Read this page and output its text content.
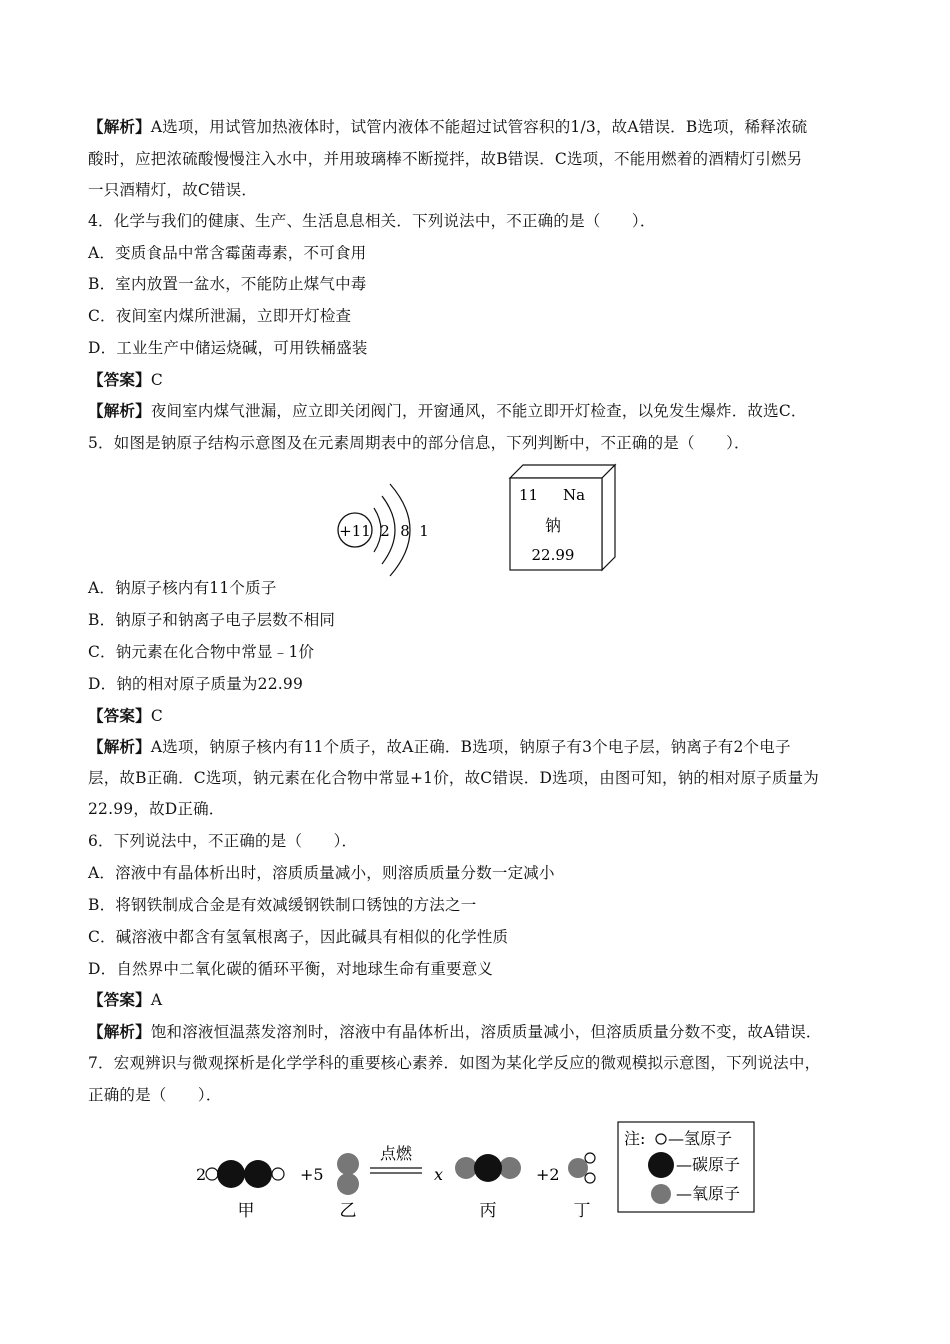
【解析】A选项，用试管加热液体时，试管内液体不能超过试管容积的1/3，故A错误．B选项，稀释浓硫
酸时，应把浓硫酸慢慢注入水中，并用玻璃棒不断搅拌，故B错误．C选项，不能用燃着的酒精灯引燃另
一只酒精灯，故C错误．
4．化学与我们的健康、生产、生活息息相关．下列说法中，不正确的是（　　）．
A．变质食品中常含霉菌毒素，不可食用
B．室内放置一盆水，不能防止煤气中毒
C．夜间室内煤所泄漏，立即开灯检查
D．工业生产中储运烧碱，可用铁桶盛装
【答案】C
【解析】夜间室内煤气泄漏，应立即关闭阀门，开窗通风，不能立即开灯检查，以免发生爆炸．故选C．
5．如图是钠原子结构示意图及在元素周期表中的部分信息，下列判断中，不正确的是（　　）．
+11 2 8 1
11 Na
钠
22.99
A．钠原子核内有11个质子
B．钠原子和钠离子电子层数不相同
C．钠元素在化合物中常显﹣1价
D．钠的相对原子质量为22.99
【答案】C
【解析】A选项，钠原子核内有11个质子，故A正确．B选项，钠原子有3个电子层，钠离子有2个电子
层，故B正确．C选项，钠元素在化合物中常显+1价，故C错误．D选项，由图可知，钠的相对原子质量为
22.99，故D正确．
6．下列说法中，不正确的是（　　）．
A．溶液中有晶体析出时，溶质质量减小，则溶质质量分数一定减小
B．将钢铁制成合金是有效减缓钢铁制口锈蚀的方法之一
C．碱溶液中都含有氢氧根离子，因此碱具有相似的化学性质
D．自然界中二氧化碳的循环平衡，对地球生命有重要意义
【答案】A
【解析】饱和溶液恒温蒸发溶剂时，溶液中有晶体析出，溶质质量减小，但溶质质量分数不变，故A错误．
7．宏观辨识与微观探析是化学学科的重要核心素养．如图为某化学反应的微观模拟示意图，下列说法中，
正确的是（　　）．
2
甲
+5
乙
点燃
x
丙
+2
丁
注: —氢原子
—碳原子
—氧原子
